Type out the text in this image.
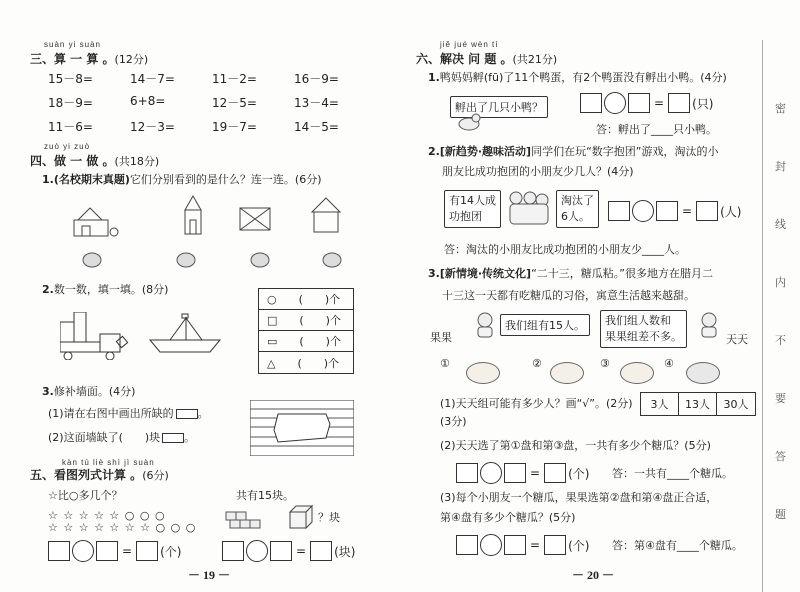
suàn yi suàn
三、算 一 算 。(12分)
15－8=	14－7=	11－2=	16－9=
18－9=	6+8=	12－5=	13－4=
11－6=	12－3=	19－7=	14－5=
zuò yi zuò
四、做 一 做 。(共18分)
1.(名校期末真题)它们分别看到的是什么？连一连。(6分)
2.数一数，填一填。(8分)
○　　(　　)个
□　　(　　)个
▭　　(　　)个
△　　(　　)个
3.修补墙面。(4分)
(1)请在右图中画出所缺的 。
(2)这面墙缺了(　　)块 。
kàn tú liè shì jì suàn
五、看图列式计算 。(6分)
☆比○多几个？
☆ ☆ ☆ ☆ ☆ ○ ○ ○
☆ ☆ ☆ ☆ ☆ ☆ ☆ ○ ○ ○
共有15块。
？块
= (个)	= (块)
－ 19 －
jiě jué wèn tí
六、解决 问 题 。(共21分)
1.鸭妈妈孵(fū)了11个鸭蛋，有2个鸭蛋没有孵出小鸭。(4分)
孵出了几只小鸭？	= (只)
答：孵出了____只小鸭。
2.[新趋势·趣味活动]同学们在玩“数字抱团”游戏，淘汰的小
朋友比成功抱团的小朋友少几人？(4分)
有14人成
功抱团
淘汰了
6人。	= (人)
答：淘汰的小朋友比成功抱团的小朋友少____人。
3.[新情境·传统文化]“二十三，糖瓜粘。”很多地方在腊月二
十三这一天都有吃糖瓜的习俗，寓意生活越来越甜。
果果
我们组有15人。	我们组人数和
果果组差不多。	天天
①	②	③	④
(1)天天组可能有多少人？画“√”。(2分)	3人	13人	30人
(3分)
(2)天天选了第①盘和第③盘，一共有多少个糖瓜？(5分)
= (个) 答：一共有____个糖瓜。
(3)每个小朋友一个糖瓜，果果选第②盘和第④盘正合适，
第④盘有多少个糖瓜？(5分)
= (个) 答：第④盘有____个糖瓜。
－ 20 －
密
封
线
内
不
要
答
题
